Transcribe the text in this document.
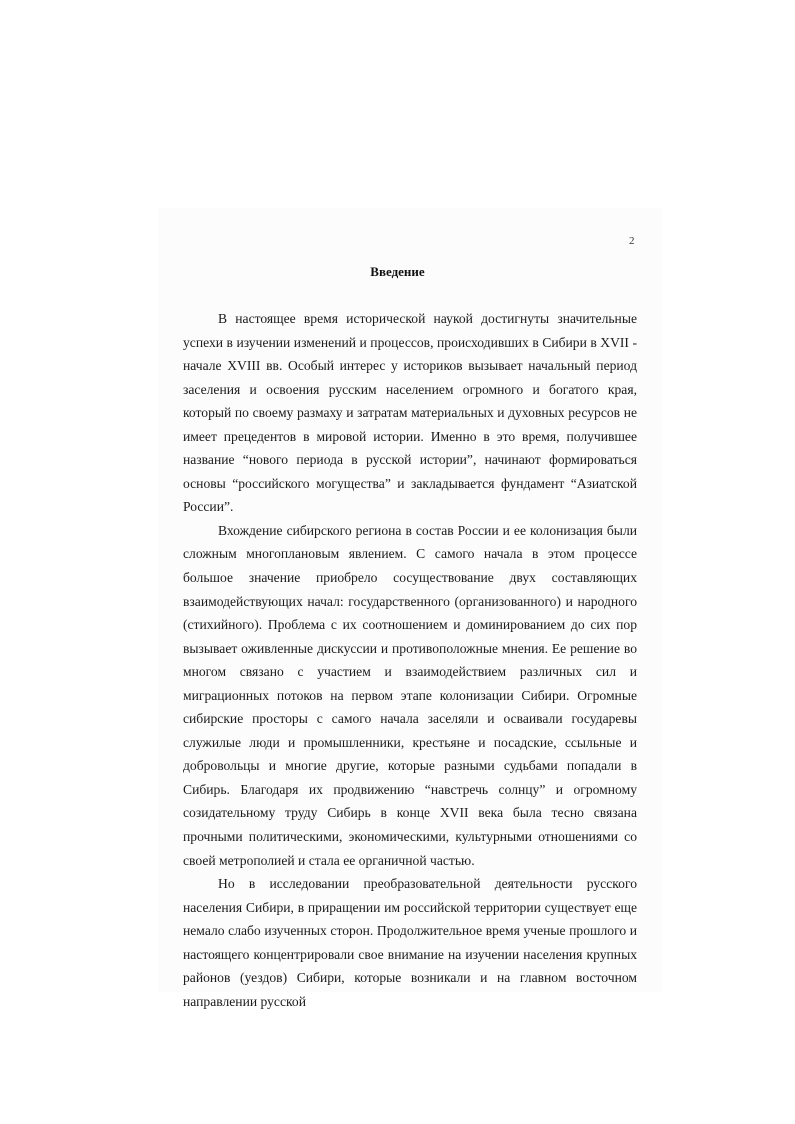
2
Введение

В настоящее время исторической наукой достигнуты значительные успехи в изучении изменений и процессов, происходивших в Сибири в XVII - начале XVIII вв. Особый интерес у историков вызывает начальный период заселения и освоения русским населением огромного и богатого края, который по своему размаху и затратам материальных и духовных ресурсов не имеет прецедентов в мировой истории. Именно в это время, получившее название “нового периода в русской истории”, начинают формироваться основы “российского могущества” и закладывается фундамент “Азиатской России”.

Вхождение сибирского региона в состав России и ее колонизация были сложным многоплановым явлением. С самого начала в этом процессе большое значение приобрело сосуществование двух составляющих взаимодействующих начал: государственного (организованного) и народного (стихийного). Проблема с их соотношением и доминированием до сих пор вызывает оживленные дискуссии и противоположные мнения. Ее решение во многом связано с участием и взаимодействием различных сил и миграционных потоков на первом этапе колонизации Сибири. Огромные сибирские просторы с самого начала заселяли и осваивали государевы служилые люди и промышленники, крестьяне и посадские, ссыльные и добровольцы и многие другие, которые разными судьбами попадали в Сибирь. Благодаря их продвижению “навстречь солнцу” и огромному созидательному труду Сибирь в конце XVII века была тесно связана прочными политическими, экономическими, культурными отношениями со своей метрополией и стала ее органичной частью.

Но в исследовании преобразовательной деятельности русского населения Сибири, в приращении им российской территории существует еще немало слабо изученных сторон. Продолжительное время ученые прошлого и настоящего концентрировали свое внимание на изучении населения крупных районов (уездов) Сибири, которые возникали и на главном восточном направлении русской
